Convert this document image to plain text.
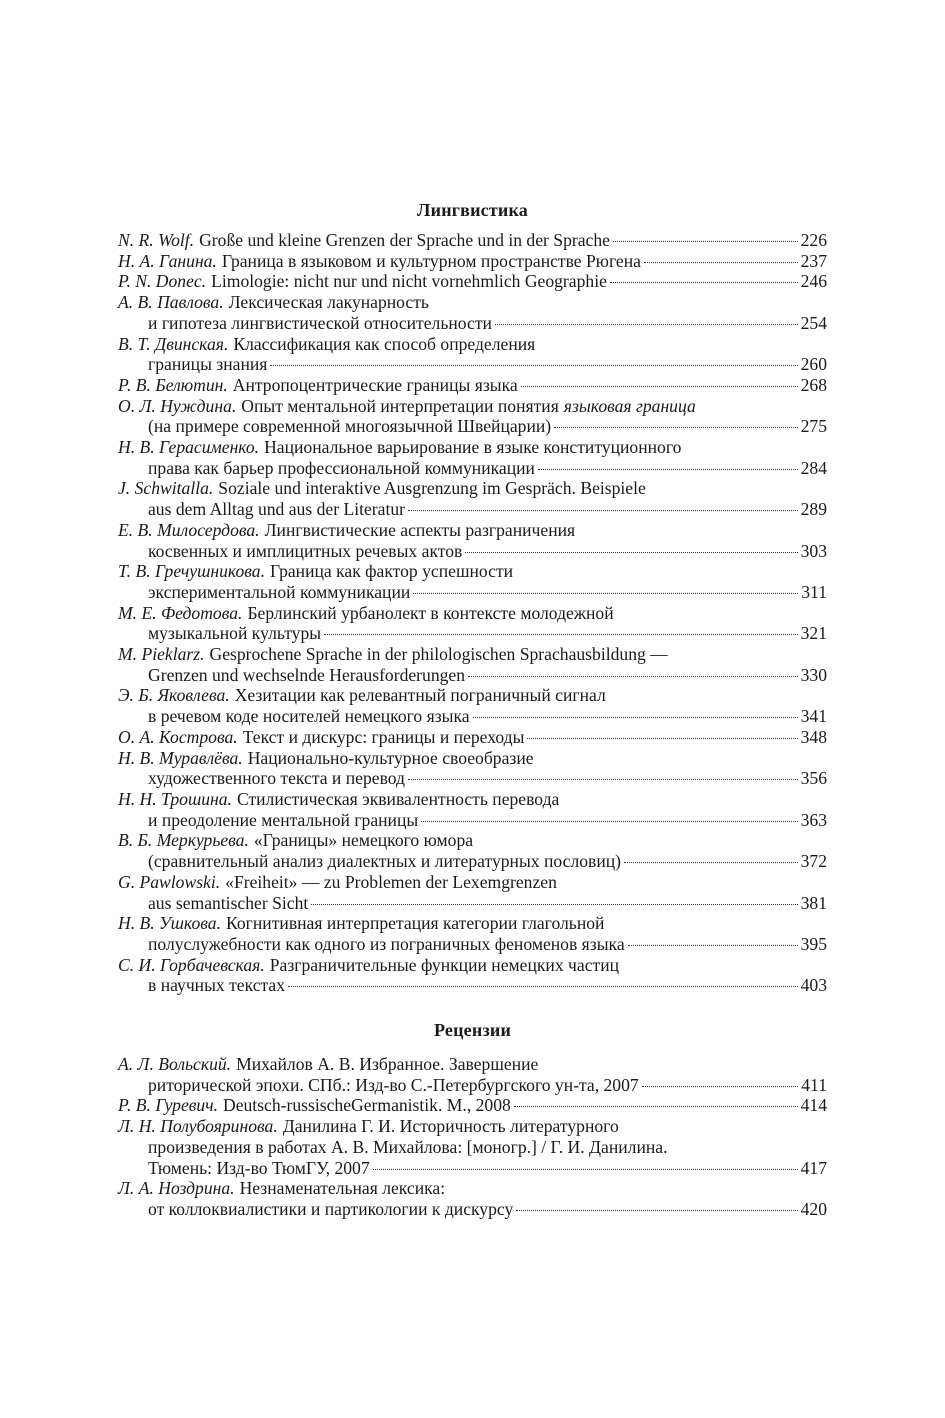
Лингвистика
N. R. Wolf. Große und kleine Grenzen der Sprache und in der Sprache	226
Н. А. Ганина. Граница в языковом и культурном пространстве Рюгена	237
P. N. Donec. Limologie: nicht nur und nicht vornehmlich Geographie	246
А. В. Павлова. Лексическая лакунарность
и гипотеза лингвистической относительности	254
В. Т. Двинская. Классификация как способ определения
границы знания	260
Р. В. Белютин. Антропоцентрические границы языка	268
О. Л. Нуждина. Опыт ментальной интерпретации понятия языковая граница
(на примере современной многоязычной Швейцарии)	275
Н. В. Герасименко. Национальное варьирование в языке конституционного
права как барьер профессиональной коммуникации	284
J. Schwitalla. Soziale und interaktive Ausgrenzung im Gespräch. Beispiele
aus dem Alltag und aus der Literatur	289
Е. В. Милосердова. Лингвистические аспекты разграничения
косвенных и имплицитных речевых актов	303
Т. В. Гречушникова. Граница как фактор успешности
экспериментальной коммуникации	311
М. Е. Федотова. Берлинский урбанолект в контексте молодежной
музыкальной культуры	321
M. Pieklarz. Gesprochene Sprache in der philologischen Sprachausbildung —
Grenzen und wechselnde Herausforderungen	330
Э. Б. Яковлева. Хезитации как релевантный пограничный сигнал
в речевом коде носителей немецкого языка	341
О. А. Кострова. Текст и дискурс: границы и переходы	348
Н. В. Муравлёва. Национально-культурное своеобразие
художественного текста и перевод	356
Н. Н. Трошина. Стилистическая эквивалентность перевода
и преодоление ментальной границы	363
В. Б. Меркурьева. «Границы» немецкого юмора
(сравнительный анализ диалектных и литературных пословиц)	372
G. Pawlowski. «Freiheit» — zu Problemen der Lexemgrenzen
aus semantischer Sicht	381
Н. В. Ушкова. Когнитивная интерпретация категории глагольной
полуслужебности как одного из пограничных феноменов языка	395
С. И. Горбачевская. Разграничительные функции немецких частиц
в научных текстах	403
Рецензии
А. Л. Вольский. Михайлов А. В. Избранное. Завершение
риторической эпохи. СПб.: Изд-во С.-Петербургского ун-та, 2007	411
Р. В. Гуревич. Deutsch-russischeGermanistik. М., 2008	414
Л. Н. Полубояринова. Данилина Г. И. Историчность литературного
произведения в работах А. В. Михайлова: [моногр.] / Г. И. Данилина.
Тюмень: Изд-во ТюмГУ, 2007	417
Л. А. Ноздрина. Незнаменательная лексика:
от коллоквиалистики и партикологии к дискурсу	420
